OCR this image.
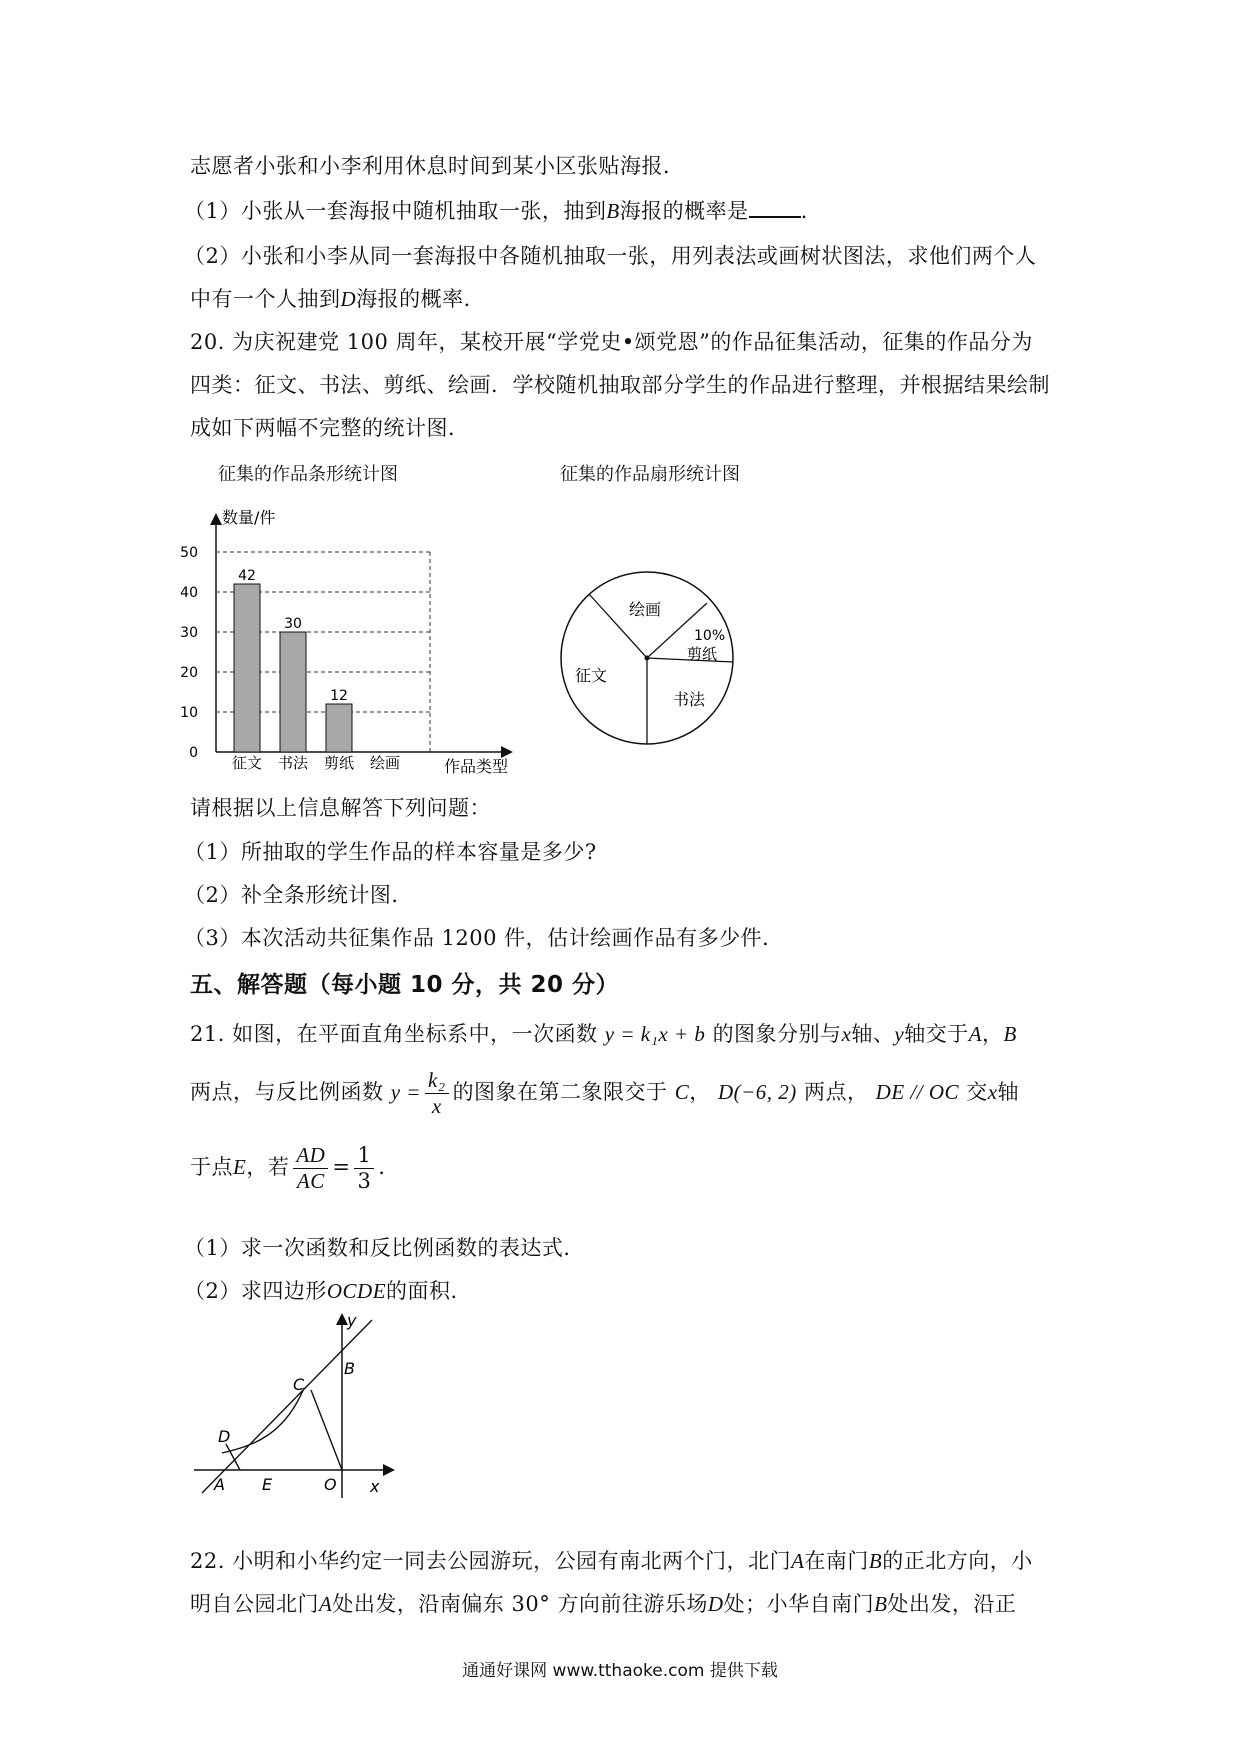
志愿者小张和小李利用休息时间到某小区张贴海报．
（1）小张从一套海报中随机抽取一张，抽到B海报的概率是 ．
（2）小张和小李从同一套海报中各随机抽取一张，用列表法或画树状图法，求他们两个人
中有一个人抽到D海报的概率．
20. 为庆祝建党 100 周年，某校开展“学党史•颂党恩”的作品征集活动，征集的作品分为
四类：征文、书法、剪纸、绘画．学校随机抽取部分学生的作品进行整理，并根据结果绘制
成如下两幅不完整的统计图．
征集的作品条形统计图	征集的作品扇形统计图
数量/件
作品类型
0
10
20
30
40
50
42
30
12
征文 书法 剪纸 绘画
绘画
剪纸
10%
书法
征文
请根据以上信息解答下列问题：
（1）所抽取的学生作品的样本容量是多少?
（2）补全条形统计图．
（3）本次活动共征集作品 1200 件，估计绘画作品有多少件．
五、解答题（每小题 10 分，共 20 分）
21. 如图，在平面直角坐标系中，一次函数 y = k₁x + b 的图象分别与x轴、y轴交于A，B
两点，与反比例函数 $y = \frac{\text{k₂}}{x}$ 的图象在第二象限交于 C， D(−6, 2) 两点， DE // OC 交x轴
于点E，若 $\frac{AD}{AC} = \frac{1}{3}$ ．
（1）求一次函数和反比例函数的表达式．
（2）求四边形OCDE的面积．
y
x
B
C
D
A E	O
22. 小明和小华约定一同去公园游玩，公园有南北两个门，北门A在南门B的正北方向，小
明自公园北门A处出发，沿南偏东 30° 方向前往游乐场D处；小华自南门B处出发，沿正
通通好课网 www.tthaoke.com 提供下载
